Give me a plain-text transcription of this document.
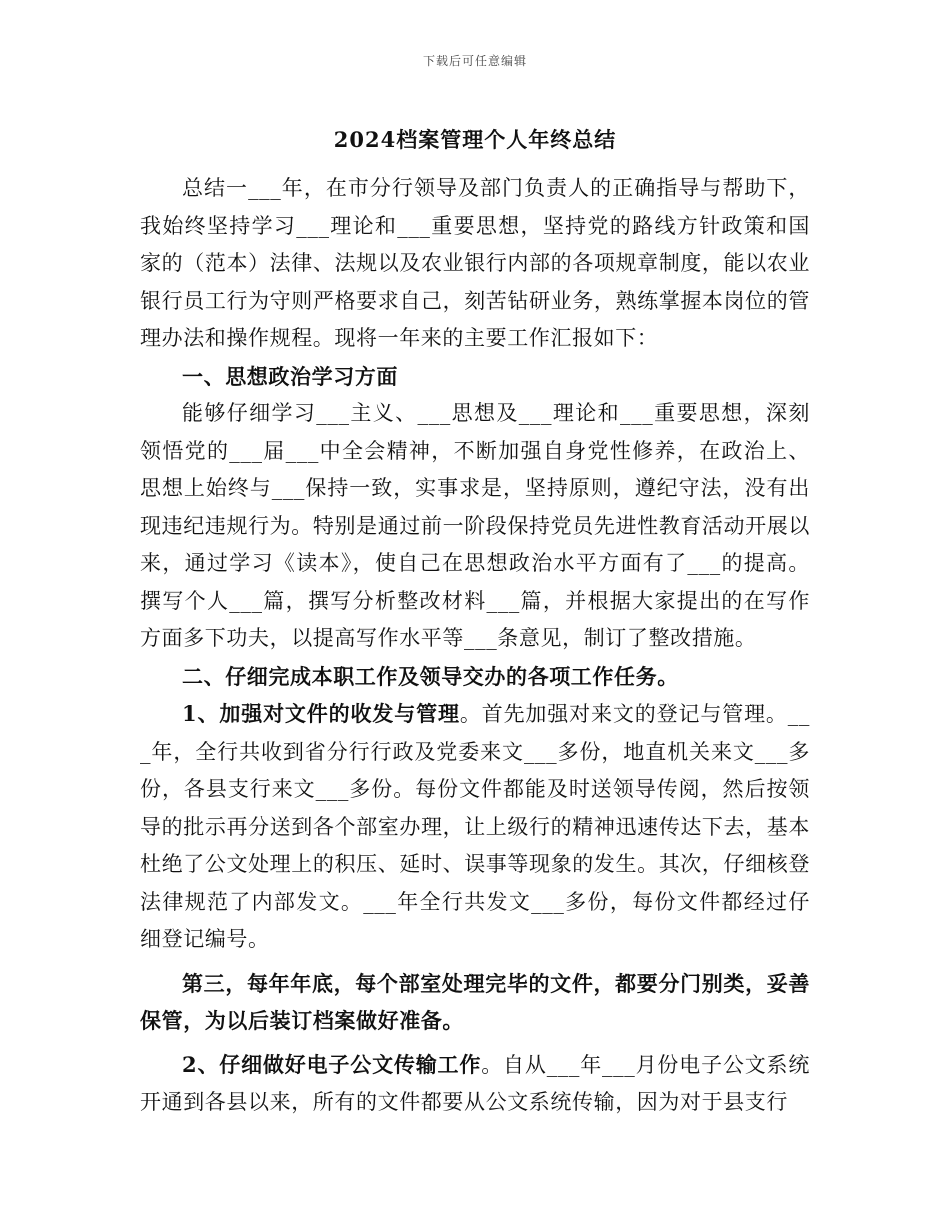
下载后可任意编辑
2024档案管理个人年终总结

总结一___年，在市分行领导及部门负责人的正确指导与帮助下，我始终坚持学习___理论和___重要思想，坚持党的路线方针政策和国家的（范本）法律、法规以及农业银行内部的各项规章制度，能以农业银行员工行为守则严格要求自己，刻苦钻研业务，熟练掌握本岗位的管理办法和操作规程。现将一年来的主要工作汇报如下：

一、思想政治学习方面

能够仔细学习___主义、___思想及___理论和___重要思想，深刻领悟党的___届___中全会精神，不断加强自身党性修养，在政治上、思想上始终与___保持一致，实事求是，坚持原则，遵纪守法，没有出现违纪违规行为。特别是通过前一阶段保持党员先进性教育活动开展以来，通过学习《读本》，使自己在思想政治水平方面有了___的提高。撰写个人___篇，撰写分析整改材料___篇，并根据大家提出的在写作方面多下功夫，以提高写作水平等___条意见，制订了整改措施。

二、仔细完成本职工作及领导交办的各项工作任务。

1、加强对文件的收发与管理。首先加强对来文的登记与管理。___年，全行共收到省分行行政及党委来文___多份，地直机关来文___多份，各县支行来文___多份。每份文件都能及时送领导传阅，然后按领导的批示再分送到各个部室办理，让上级行的精神迅速传达下去，基本杜绝了公文处理上的积压、延时、误事等现象的发生。其次，仔细核登法律规范了内部发文。___年全行共发文___多份，每份文件都经过仔细登记编号。

第三，每年年底，每个部室处理完毕的文件，都要分门别类，妥善保管，为以后装订档案做好准备。

2、仔细做好电子公文传输工作。自从___年___月份电子公文系统开通到各县以来，所有的文件都要从公文系统传输，因为对于县支行
